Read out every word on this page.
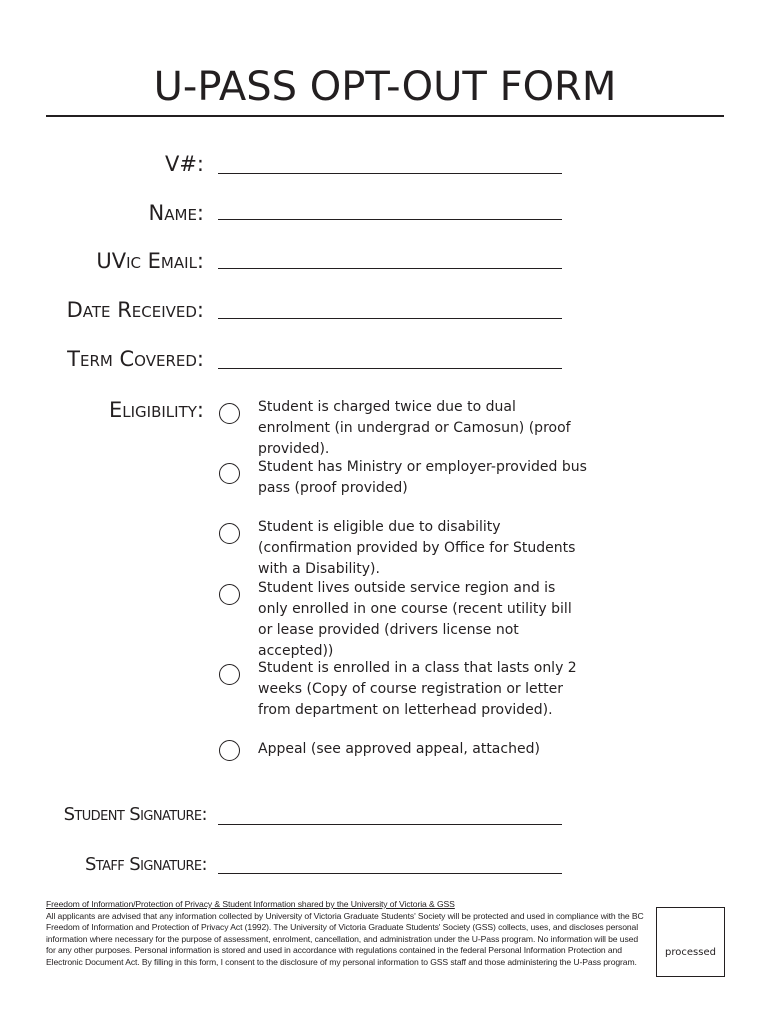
U-PASS OPT-OUT FORM
V#:
Name:
UVic Email:
Date Received:
Term Covered:
Eligibility:	Student is charged twice due to dual enrolment (in undergrad or Camosun) (proof provided).
Student has Ministry or employer-provided bus pass (proof provided)
Student is eligible due to disability (confirmation provided by Office for Students with a Disability).
Student lives outside service region and is only enrolled in one course (recent utility bill or lease provided (drivers license not accepted))
Student is enrolled in a class that lasts only 2 weeks (Copy of course registration or letter from department on letterhead provided).
Appeal (see approved appeal, attached)
Student Signature:
Staff Signature:
Freedom of Information/Protection of Privacy & Student Information shared by the University of Victoria & GSS
All applicants are advised that any information collected by University of Victoria Graduate Students' Society will be protected and used in compliance with the BC Freedom of Information and Protection of Privacy Act (1992). The University of Victoria Graduate Students' Society (GSS) collects, uses, and discloses personal information where necessary for the purpose of assessment, enrolment, cancellation, and administration under the U-Pass program. No information will be used for any other purposes. Personal information is stored and used in accordance with regulations contained in the federal Personal Information Protection and Electronic Document Act. By filling in this form, I consent to the disclosure of my personal information to GSS staff and those administering the U-Pass program.
processed
